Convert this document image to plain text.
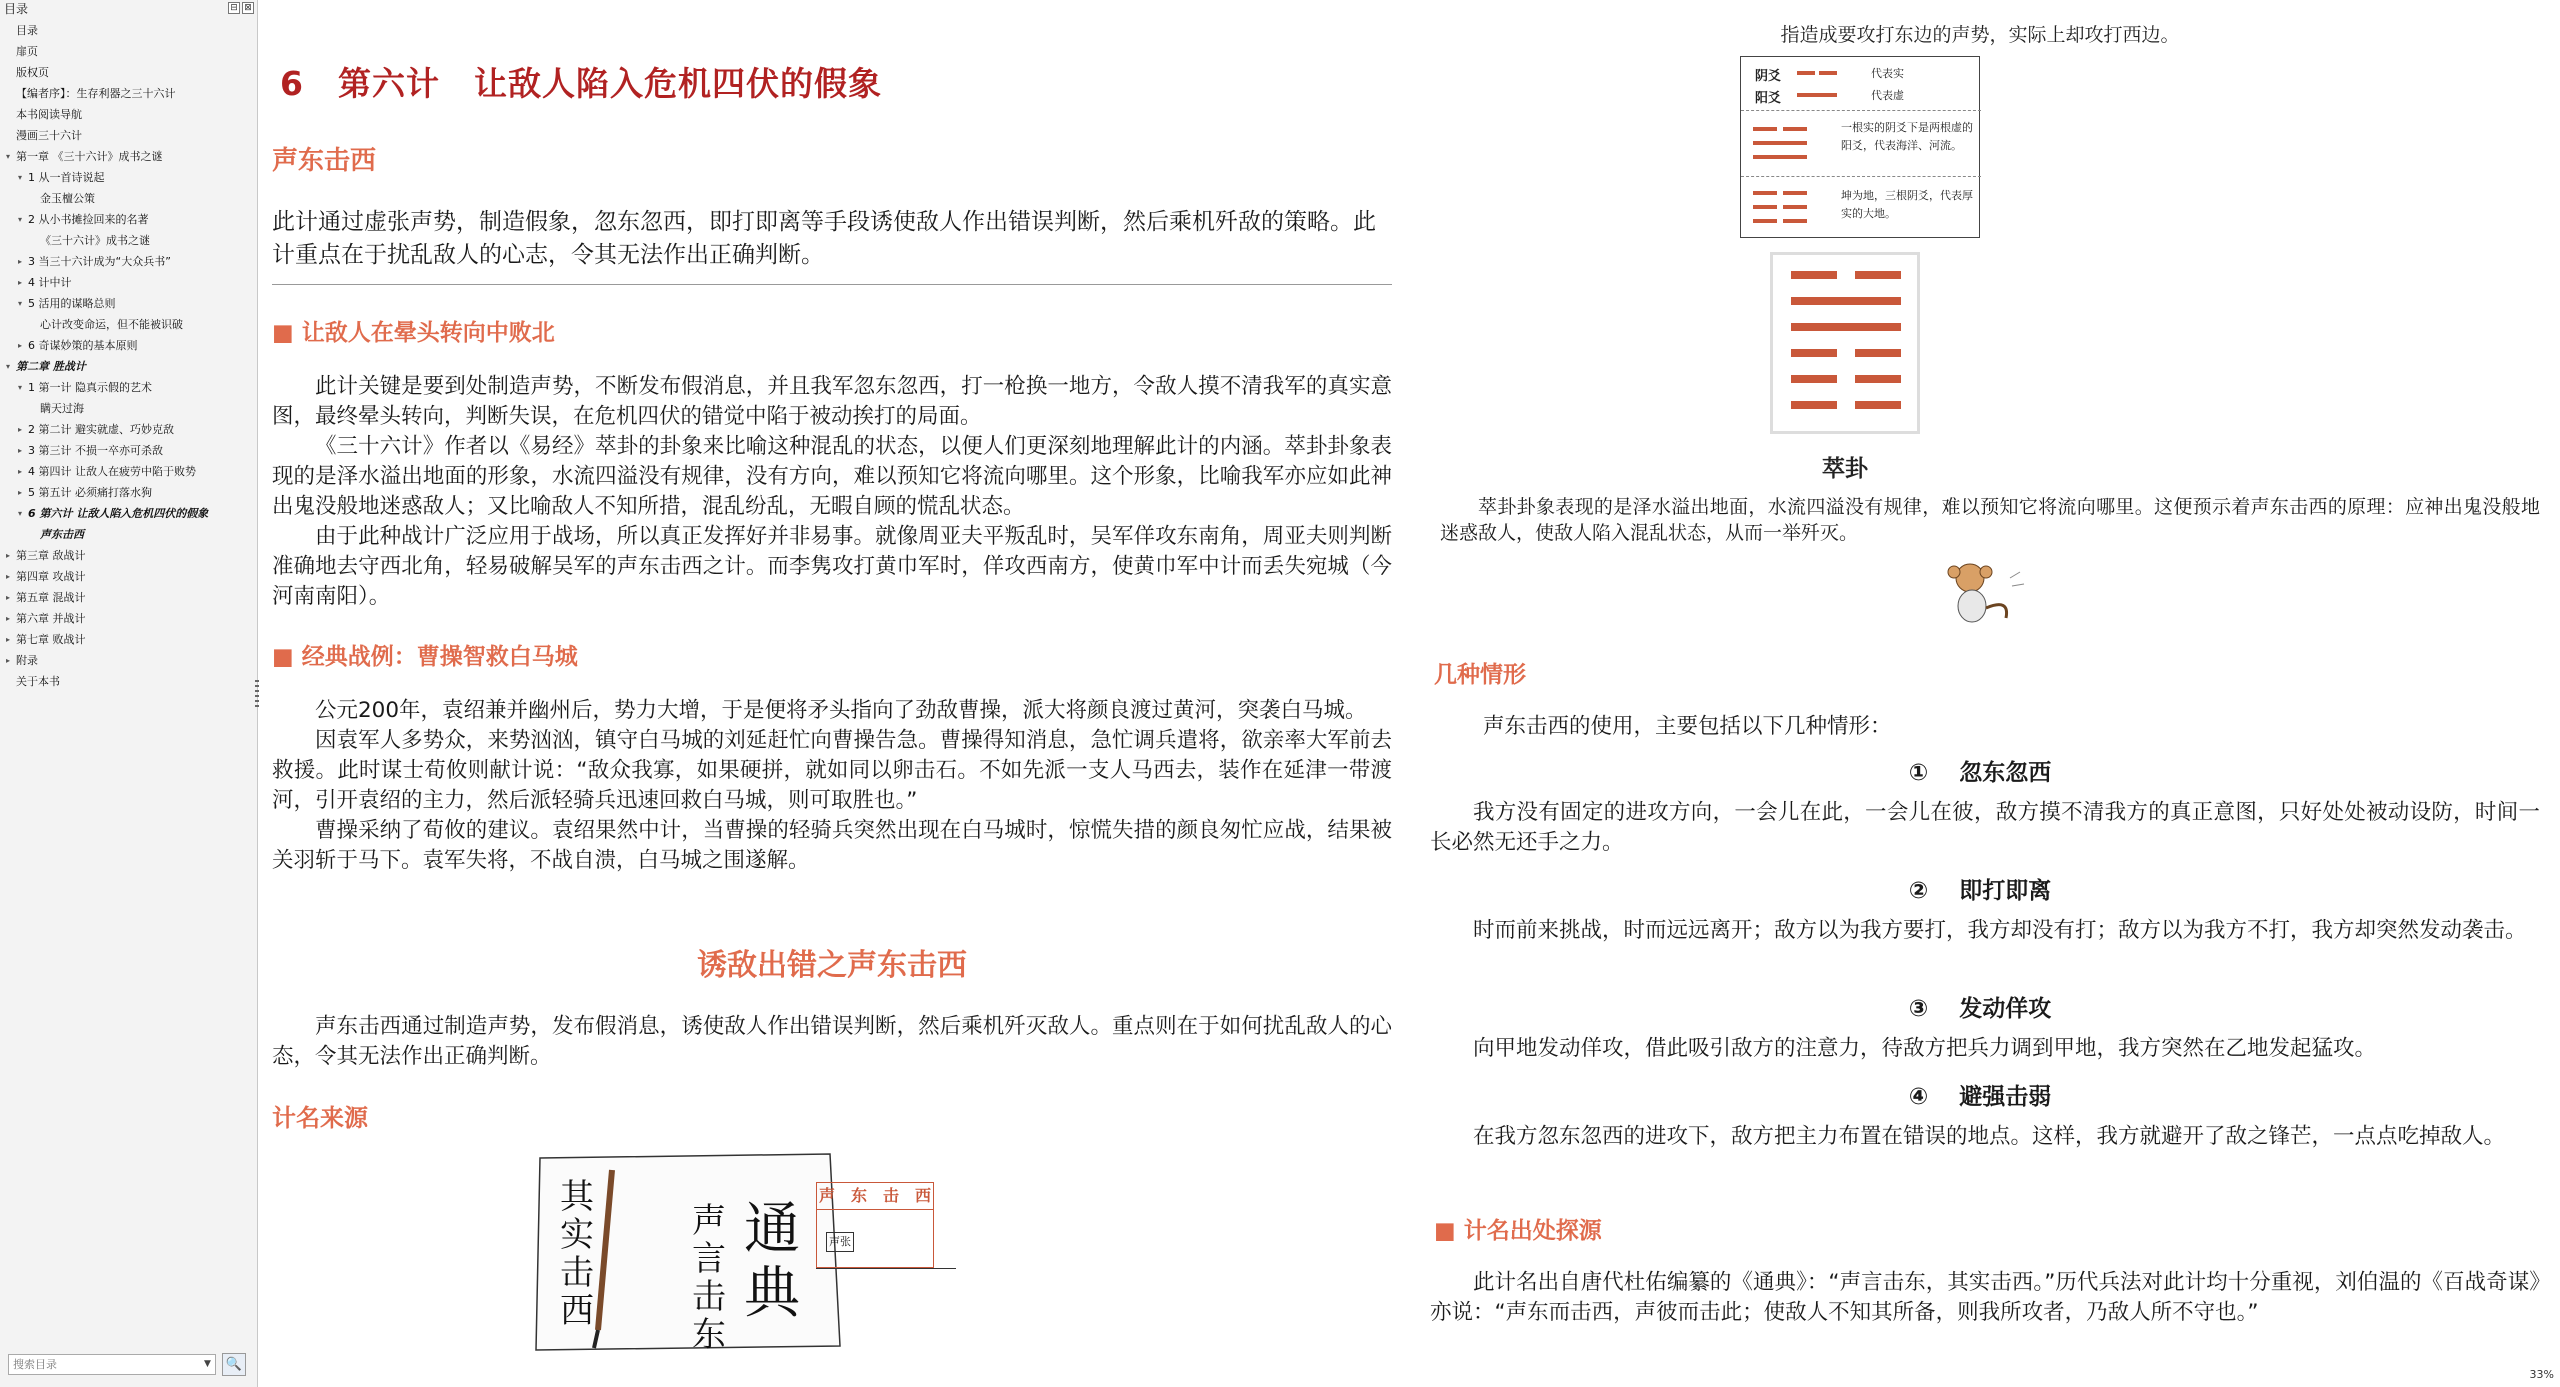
目录	⊟ ⊠
目录
扉页
版权页
【编者序】：生存利器之三十六计
本书阅读导航
漫画三十六计
▾ 第一章 《三十六计》成书之谜
▾ 1 从一首诗说起
金玉檀公策
▾ 2 从小书摊捡回来的名著
《三十六计》成书之谜
▸ 3 当三十六计成为“大众兵书”
▸ 4 计中计
▾ 5 活用的谋略总则
心计改变命运，但不能被识破
▸ 6 奇谋妙策的基本原则
▾ 第二章 胜战计
▾ 1 第一计 隐真示假的艺术
瞒天过海
▸ 2 第二计 避实就虚、巧妙克敌
▸ 3 第三计 不损一卒亦可杀敌
▸ 4 第四计 让敌人在疲劳中陷于败势
▸ 5 第五计 必须痛打落水狗
▾ 6 第六计 让敌人陷入危机四伏的假象
声东击西
▸ 第三章 敌战计
▸ 第四章 攻战计
▸ 第五章 混战计
▸ 第六章 并战计
▸ 第七章 败战计
▸ 附录
关于本书
搜索目录	▼	🔍
6　第六计　让敌人陷入危机四伏的假象
声东击西
此计通过虚张声势，制造假象，忽东忽西，即打即离等手段诱使敌人作出错误判断，然后乘机歼敌的策略。此计重点在于扰乱敌人的心志，令其无法作出正确判断。
■ 让敌人在晕头转向中败北

此计关键是要到处制造声势，不断发布假消息，并且我军忽东忽西，打一枪换一地方，令敌人摸不清我军的真实意图，最终晕头转向，判断失误，在危机四伏的错觉中陷于被动挨打的局面。

《三十六计》作者以《易经》萃卦的卦象来比喻这种混乱的状态，以便人们更深刻地理解此计的内涵。萃卦卦象表现的是泽水溢出地面的形象，水流四溢没有规律，没有方向，难以预知它将流向哪里。这个形象，比喻我军亦应如此神出鬼没般地迷惑敌人；又比喻敌人不知所措，混乱纷乱，无暇自顾的慌乱状态。

由于此种战计广泛应用于战场，所以真正发挥好并非易事。就像周亚夫平叛乱时，吴军佯攻东南角，周亚夫则判断准确地去守西北角，轻易破解吴军的声东击西之计。而李隽攻打黄巾军时，佯攻西南方，使黄巾军中计而丢失宛城（今河南南阳）。

■ 经典战例：曹操智救白马城

公元200年，袁绍兼并幽州后，势力大增，于是便将矛头指向了劲敌曹操，派大将颜良渡过黄河，突袭白马城。

因袁军人多势众，来势汹汹，镇守白马城的刘延赶忙向曹操告急。曹操得知消息，急忙调兵遣将，欲亲率大军前去救援。此时谋士荀攸则献计说：“敌众我寡，如果硬拼，就如同以卵击石。不如先派一支人马西去，装作在延津一带渡河，引开袁绍的主力，然后派轻骑兵迅速回救白马城，则可取胜也。”

曹操采纳了荀攸的建议。袁绍果然中计，当曹操的轻骑兵突然出现在白马城时，惊慌失措的颜良匆忙应战，结果被关羽斩于马下。袁军失将，不战自溃，白马城之围遂解。

诱敌出错之声东击西

声东击西通过制造声势，发布假消息，诱使敌人作出错误判断，然后乘机歼灭敌人。重点则在于如何扰乱敌人的心态，令其无法作出正确判断。

计名来源
其实击西
声言击东
通典
声　东　击　西
声张
指造成要攻打东边的声势，实际上却攻打西边。
阴爻	代表实
阳爻	代表虚
一根实的阴爻下是两根虚的阳爻，代表海洋、河流。
坤为地，三根阴爻，代表厚实的大地。
萃卦

萃卦卦象表现的是泽水溢出地面，水流四溢没有规律，难以预知它将流向哪里。这便预示着声东击西的原理：应神出鬼没般地迷惑敌人，使敌人陷入混乱状态，从而一举歼灭。

几种情形

声东击西的使用，主要包括以下几种情形：

①　 忽东忽西

我方没有固定的进攻方向，一会儿在此，一会儿在彼，敌方摸不清我方的真正意图，只好处处被动设防，时间一长必然无还手之力。

②　 即打即离

时而前来挑战，时而远远离开；敌方以为我方要打，我方却没有打；敌方以为我方不打，我方却突然发动袭击。

③　 发动佯攻

向甲地发动佯攻，借此吸引敌方的注意力，待敌方把兵力调到甲地，我方突然在乙地发起猛攻。

④　 避强击弱

在我方忽东忽西的进攻下，敌方把主力布置在错误的地点。这样，我方就避开了敌之锋芒，一点点吃掉敌人。

■ 计名出处探源

此计名出自唐代杜佑编纂的《通典》：“声言击东，其实击西。”历代兵法对此计均十分重视，刘伯温的《百战奇谋》亦说：“声东而击西，声彼而击此；使敌人不知其所备，则我所攻者，乃敌人所不守也。”

33%
